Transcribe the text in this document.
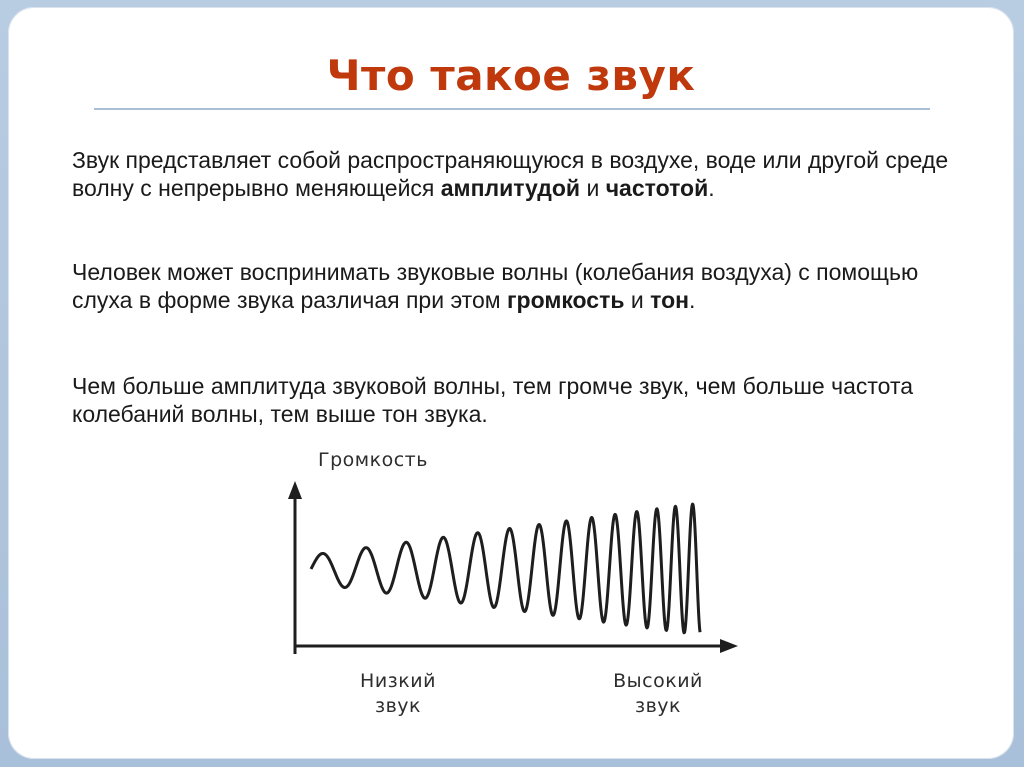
Что такое звук
Звук представляет собой распространяющуюся в воздухе, воде или другой среде волну с непрерывно меняющейся амплитудой и частотой.
Человек может воспринимать звуковые волны (колебания воздуха) с помощью слуха в форме звука различая при этом громкость и тон.
Чем больше амплитуда звуковой волны, тем громче звук, чем больше частота колебаний волны, тем выше тон звука.
Громкость
Низкий
звук
Высокий
звук
